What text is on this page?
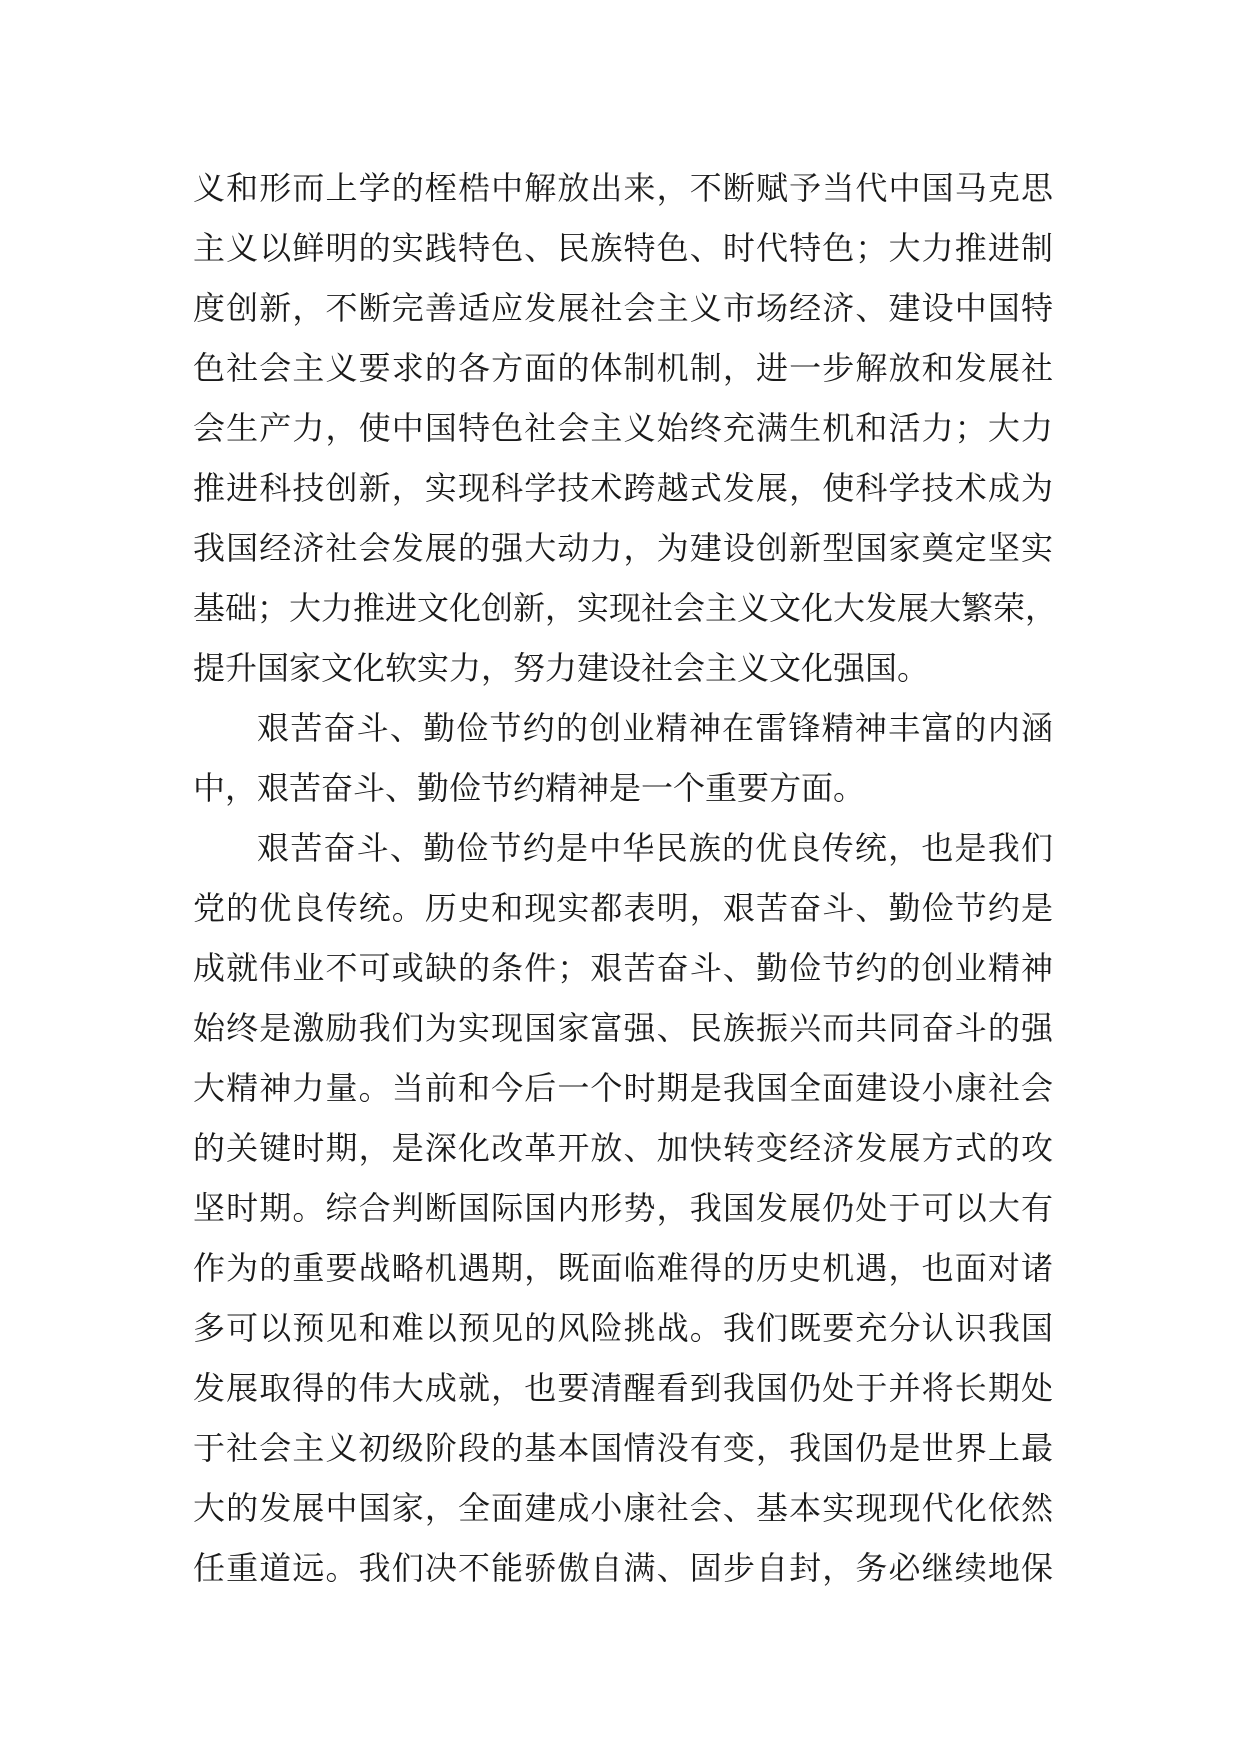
义和形而上学的桎梏中解放出来，不断赋予当代中国马克思
主义以鲜明的实践特色、民族特色、时代特色；大力推进制
度创新，不断完善适应发展社会主义市场经济、建设中国特
色社会主义要求的各方面的体制机制，进一步解放和发展社
会生产力，使中国特色社会主义始终充满生机和活力；大力
推进科技创新，实现科学技术跨越式发展，使科学技术成为
我国经济社会发展的强大动力，为建设创新型国家奠定坚实
基础；大力推进文化创新，实现社会主义文化大发展大繁荣，
提升国家文化软实力，努力建设社会主义文化强国。
艰苦奋斗、勤俭节约的创业精神在雷锋精神丰富的内涵
中，艰苦奋斗、勤俭节约精神是一个重要方面。
艰苦奋斗、勤俭节约是中华民族的优良传统，也是我们
党的优良传统。历史和现实都表明，艰苦奋斗、勤俭节约是
成就伟业不可或缺的条件；艰苦奋斗、勤俭节约的创业精神
始终是激励我们为实现国家富强、民族振兴而共同奋斗的强
大精神力量。当前和今后一个时期是我国全面建设小康社会
的关键时期，是深化改革开放、加快转变经济发展方式的攻
坚时期。综合判断国际国内形势，我国发展仍处于可以大有
作为的重要战略机遇期，既面临难得的历史机遇，也面对诸
多可以预见和难以预见的风险挑战。我们既要充分认识我国
发展取得的伟大成就，也要清醒看到我国仍处于并将长期处
于社会主义初级阶段的基本国情没有变，我国仍是世界上最
大的发展中国家，全面建成小康社会、基本实现现代化依然
任重道远。我们决不能骄傲自满、固步自封，务必继续地保
